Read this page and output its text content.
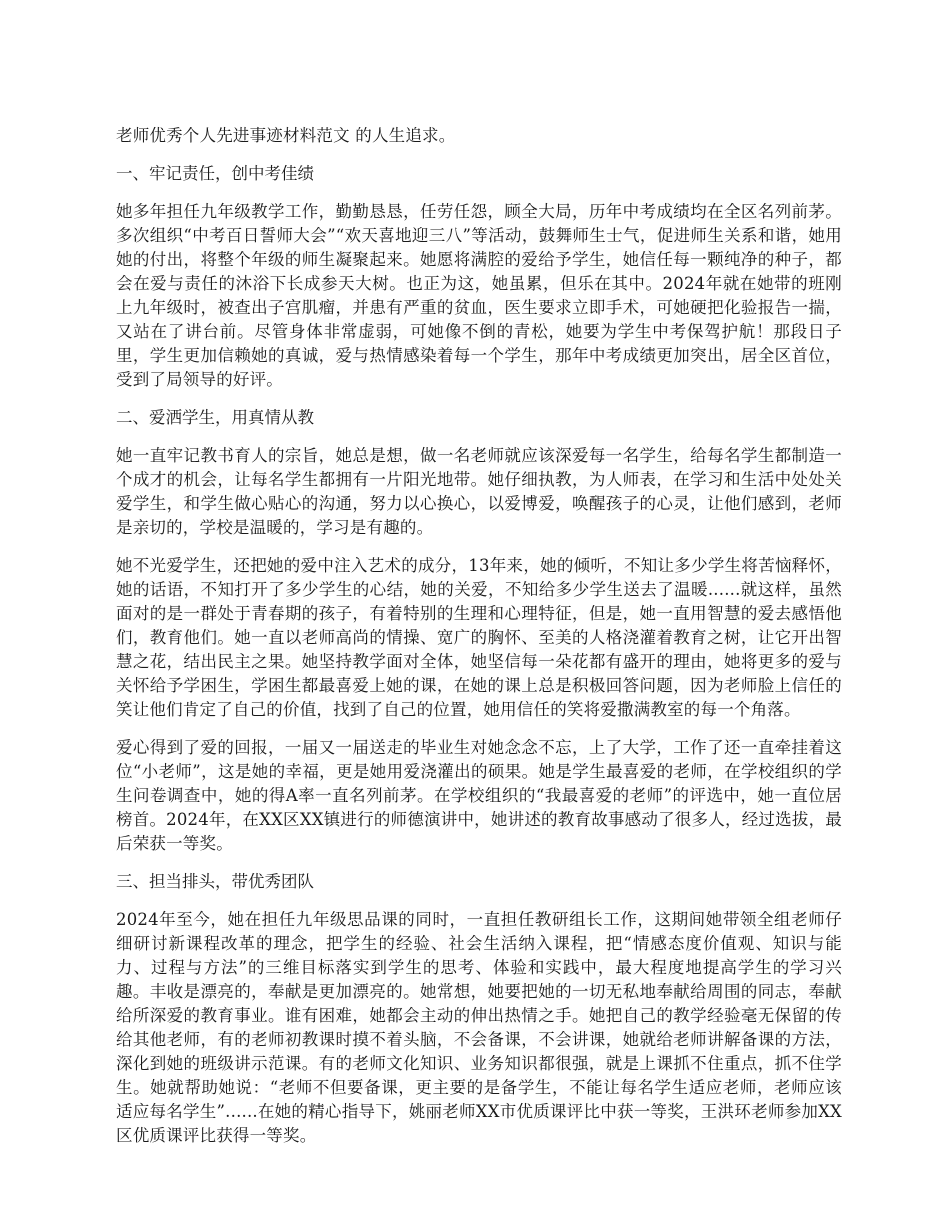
老师优秀个人先进事迹材料范文 的人生追求。

一、牢记责任，创中考佳绩

她多年担任九年级教学工作，勤勤恳恳，任劳任怨，顾全大局，历年中考成绩均在全区名列前茅。多次组织“中考百日誓师大会”“欢天喜地迎三八”等活动，鼓舞师生士气，促进师生关系和谐，她用她的付出，将整个年级的师生凝聚起来。她愿将满腔的爱给予学生，她信任每一颗纯净的种子，都会在爱与责任的沐浴下长成参天大树。也正为这，她虽累，但乐在其中。2024年就在她带的班刚上九年级时，被查出子宫肌瘤，并患有严重的贫血，医生要求立即手术，可她硬把化验报告一揣，又站在了讲台前。尽管身体非常虚弱，可她像不倒的青松，她要为学生中考保驾护航！那段日子里，学生更加信赖她的真诚，爱与热情感染着每一个学生，那年中考成绩更加突出，居全区首位，受到了局领导的好评。

二、爱洒学生，用真情从教

她一直牢记教书育人的宗旨，她总是想，做一名老师就应该深爱每一名学生，给每名学生都制造一个成才的机会，让每名学生都拥有一片阳光地带。她仔细执教，为人师表，在学习和生活中处处关爱学生，和学生做心贴心的沟通，努力以心换心，以爱博爱，唤醒孩子的心灵，让他们感到，老师是亲切的，学校是温暖的，学习是有趣的。

她不光爱学生，还把她的爱中注入艺术的成分，13年来，她的倾听，不知让多少学生将苦恼释怀，她的话语，不知打开了多少学生的心结，她的关爱，不知给多少学生送去了温暖......就这样，虽然面对的是一群处于青春期的孩子，有着特别的生理和心理特征，但是，她一直用智慧的爱去感悟他们，教育他们。她一直以老师高尚的情操、宽广的胸怀、至美的人格浇灌着教育之树，让它开出智慧之花，结出民主之果。她坚持教学面对全体，她坚信每一朵花都有盛开的理由，她将更多的爱与关怀给予学困生，学困生都最喜爱上她的课，在她的课上总是积极回答问题，因为老师脸上信任的笑让他们肯定了自己的价值，找到了自己的位置，她用信任的笑将爱撒满教室的每一个角落。

爱心得到了爱的回报，一届又一届送走的毕业生对她念念不忘，上了大学，工作了还一直牵挂着这位“小老师”，这是她的幸福，更是她用爱浇灌出的硕果。她是学生最喜爱的老师，在学校组织的学生问卷调查中，她的得A率一直名列前茅。在学校组织的“我最喜爱的老师”的评选中，她一直位居榜首。2024年，在XX区XX镇进行的师德演讲中，她讲述的教育故事感动了很多人，经过选拔，最后荣获一等奖。

三、担当排头，带优秀团队

2024年至今，她在担任九年级思品课的同时，一直担任教研组长工作，这期间她带领全组老师仔细研讨新课程改革的理念，把学生的经验、社会生活纳入课程，把“情感态度价值观、知识与能力、过程与方法”的三维目标落实到学生的思考、体验和实践中，最大程度地提高学生的学习兴趣。丰收是漂亮的，奉献是更加漂亮的。她常想，她要把她的一切无私地奉献给周围的同志，奉献给所深爱的教育事业。谁有困难，她都会主动的伸出热情之手。她把自己的教学经验毫无保留的传给其他老师，有的老师初教课时摸不着头脑，不会备课，不会讲课，她就给老师讲解备课的方法，深化到她的班级讲示范课。有的老师文化知识、业务知识都很强，就是上课抓不住重点，抓不住学生。她就帮助她说：“老师不但要备课，更主要的是备学生，不能让每名学生适应老师，老师应该适应每名学生”......在她的精心指导下，姚丽老师XX市优质课评比中获一等奖，王洪环老师参加XX区优质课评比获得一等奖。
